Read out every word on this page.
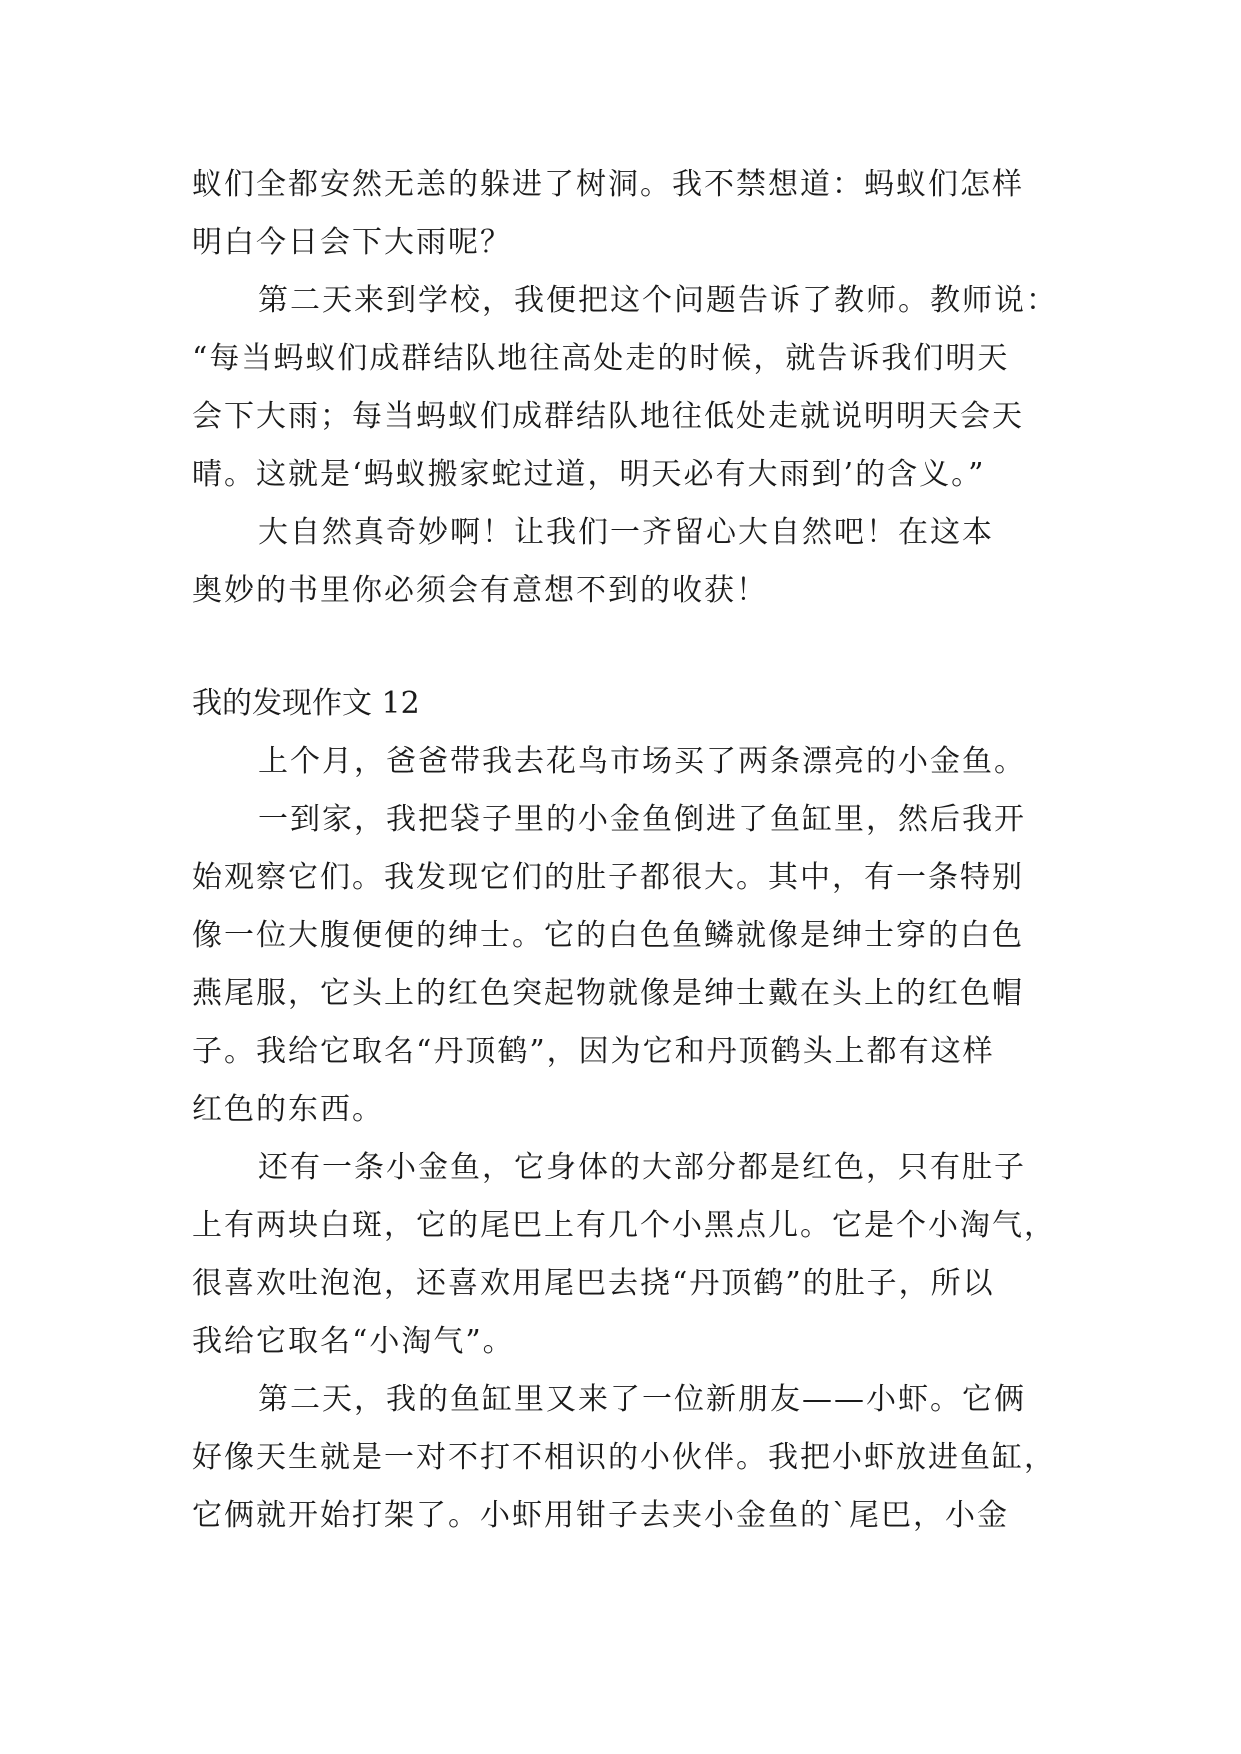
蚁们全都安然无恙的躲进了树洞。我不禁想道：蚂蚁们怎样
明白今日会下大雨呢？
第二天来到学校，我便把这个问题告诉了教师。教师说：
“每当蚂蚁们成群结队地往高处走的时候，就告诉我们明天
会下大雨；每当蚂蚁们成群结队地往低处走就说明明天会天
晴。这就是‘蚂蚁搬家蛇过道，明天必有大雨到’的含义。”
大自然真奇妙啊！让我们一齐留心大自然吧！在这本
奥妙的书里你必须会有意想不到的收获！
我的发现作文 12
上个月，爸爸带我去花鸟市场买了两条漂亮的小金鱼。
一到家，我把袋子里的小金鱼倒进了鱼缸里，然后我开
始观察它们。我发现它们的肚子都很大。其中，有一条特别
像一位大腹便便的绅士。它的白色鱼鳞就像是绅士穿的白色
燕尾服，它头上的红色突起物就像是绅士戴在头上的红色帽
子。我给它取名“丹顶鹤”，因为它和丹顶鹤头上都有这样
红色的东西。
还有一条小金鱼，它身体的大部分都是红色，只有肚子
上有两块白斑，它的尾巴上有几个小黑点儿。它是个小淘气，
很喜欢吐泡泡，还喜欢用尾巴去挠“丹顶鹤”的肚子，所以
我给它取名“小淘气”。
第二天，我的鱼缸里又来了一位新朋友——小虾。它俩
好像天生就是一对不打不相识的小伙伴。我把小虾放进鱼缸，
它俩就开始打架了。小虾用钳子去夹小金鱼的`尾巴，小金
